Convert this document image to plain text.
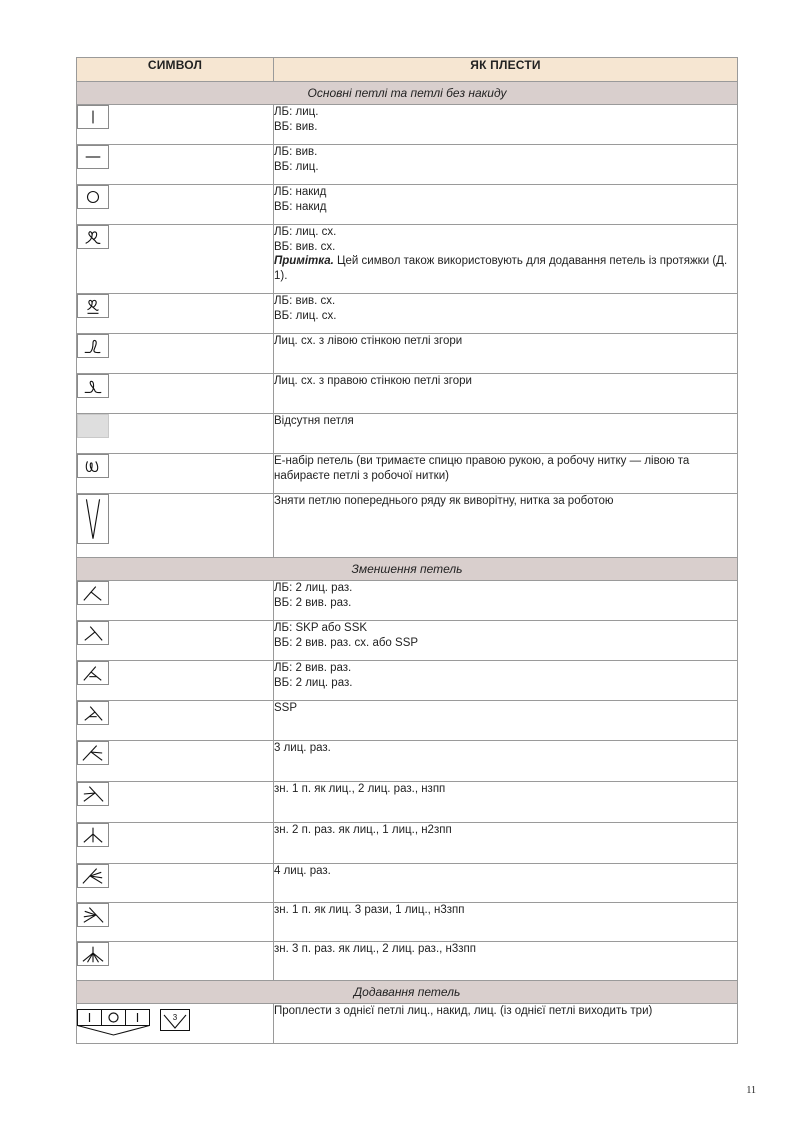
СИМВОЛ	ЯК ПЛЕСТИ
Основні петлі та петлі без накиду	

ЛБ: лиц.
ВБ: вив.

ЛБ: вив.
ВБ: лиц.

ЛБ: накид
ВБ: накид

ЛБ: лиц. сх.
ВБ: вив. сх.
Примітка. Цей символ також використовують для додавання петель із протяжки (Д. 1).

ЛБ: вив. сх.
ВБ: лиц. сх.

Лиц. сх. з лівою стінкою петлі згори

Лиц. сх. з правою стінкою петлі згори

	Відсутня петля

Е-набір петель (ви тримаєте спицю правою рукою, а робочу нитку — лівою та набираєте петлі з робочої нитки)

Зняти петлю попереднього ряду як виворітну, нитка за роботою

Зменшення петель	

ЛБ: 2 лиц. раз.
ВБ: 2 вив. раз.

ЛБ: SKP або SSK
ВБ: 2 вив. раз. сх. або SSP

ЛБ: 2 вив. раз.
ВБ: 2 лиц. раз.

SSP

3 лиц. раз.

зн. 1 п. як лиц., 2 лиц. раз., нзпп

зн. 2 п. раз. як лиц., 1 лиц., н2зпп

4 лиц. раз.

зн. 1 п. як лиц. 3 рази, 1 лиц., н3зпп

зн. 3 п. раз. як лиц., 2 лиц. раз., н3зпп

Додавання петель	

3	Проплести з однієї петлі лиц., накид, лиц. (із однієї петлі виходить три)
11
